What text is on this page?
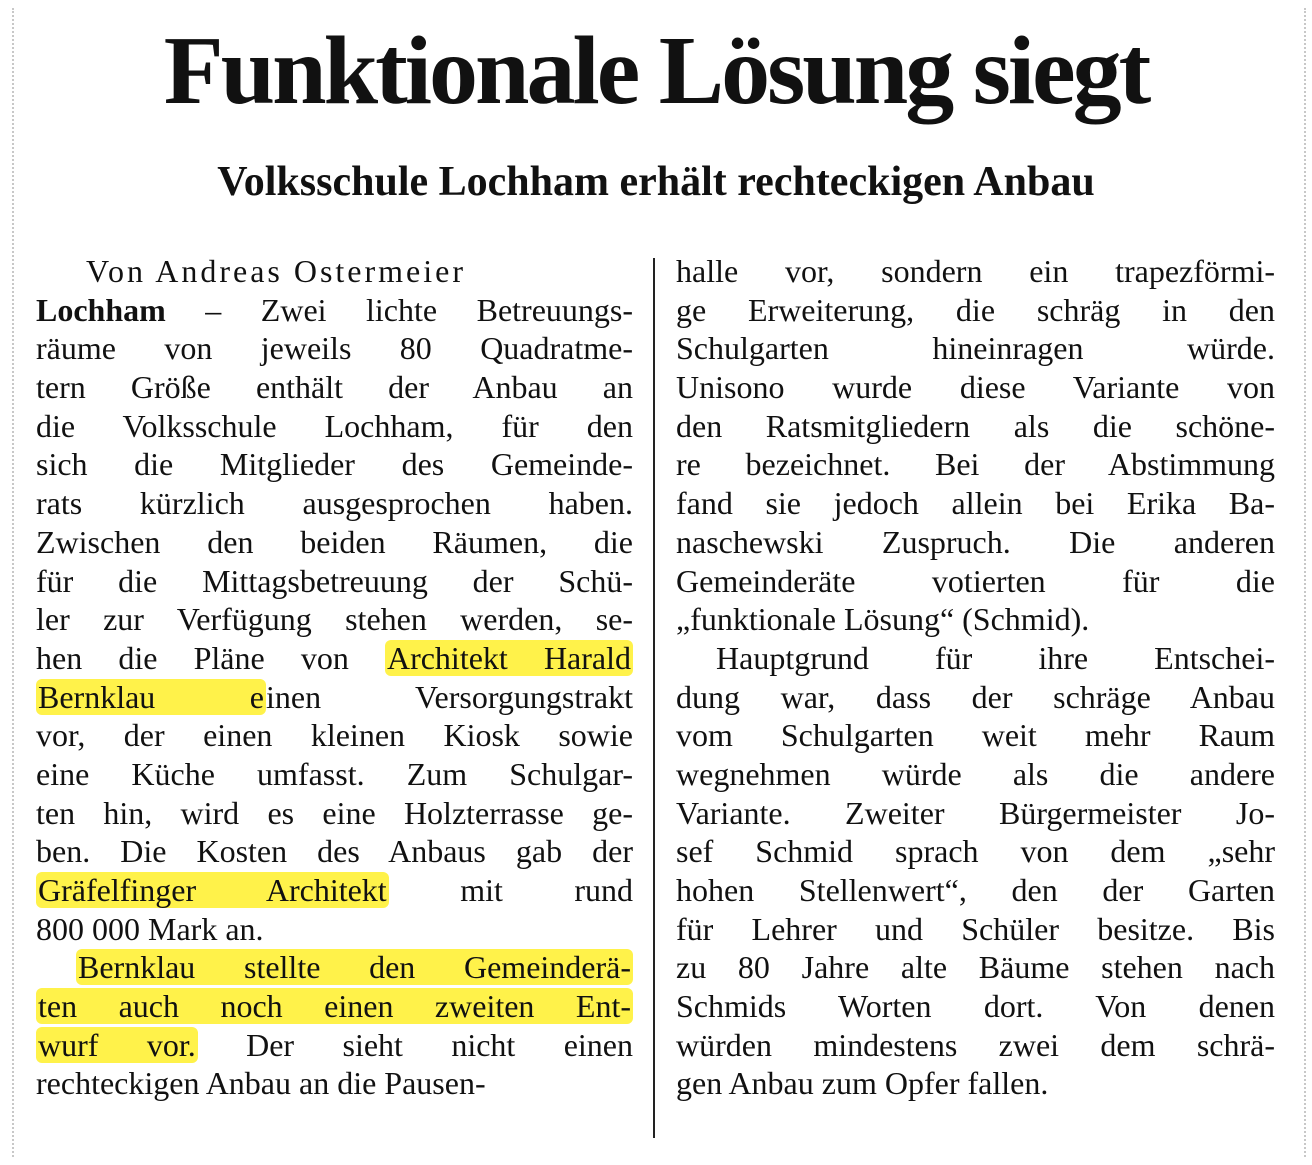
Funktionale Lösung siegt
Volksschule Lochham erhält rechteckigen Anbau
Von Andreas Ostermeier
Lochham – Zwei lichte Betreuungs-
räume von jeweils 80 Quadratme-
tern Größe enthält der Anbau an
die Volksschule Lochham, für den
sich die Mitglieder des Gemeinde-
rats kürzlich ausgesprochen haben.
Zwischen den beiden Räumen, die
für die Mittagsbetreuung der Schü-
ler zur Verfügung stehen werden, se-
hen die Pläne von Architekt Harald
Bernklau einen Versorgungstrakt
vor, der einen kleinen Kiosk sowie
eine Küche umfasst. Zum Schulgar-
ten hin, wird es eine Holzterrasse ge-
ben. Die Kosten des Anbaus gab der
Gräfelfinger Architekt mit rund
800 000 Mark an.
Bernklau stellte den Gemeinderä-
ten auch noch einen zweiten Ent-
wurf vor. Der sieht nicht einen
rechteckigen Anbau an die Pausen-
halle vor, sondern ein trapezförmi-
ge Erweiterung, die schräg in den
Schulgarten hineinragen würde.
Unisono wurde diese Variante von
den Ratsmitgliedern als die schöne-
re bezeichnet. Bei der Abstimmung
fand sie jedoch allein bei Erika Ba-
naschewski Zuspruch. Die anderen
Gemeinderäte votierten für die
„funktionale Lösung“ (Schmid).
Hauptgrund für ihre Entschei-
dung war, dass der schräge Anbau
vom Schulgarten weit mehr Raum
wegnehmen würde als die andere
Variante. Zweiter Bürgermeister Jo-
sef Schmid sprach von dem „sehr
hohen Stellenwert“, den der Garten
für Lehrer und Schüler besitze. Bis
zu 80 Jahre alte Bäume stehen nach
Schmids Worten dort. Von denen
würden mindestens zwei dem schrä-
gen Anbau zum Opfer fallen.
